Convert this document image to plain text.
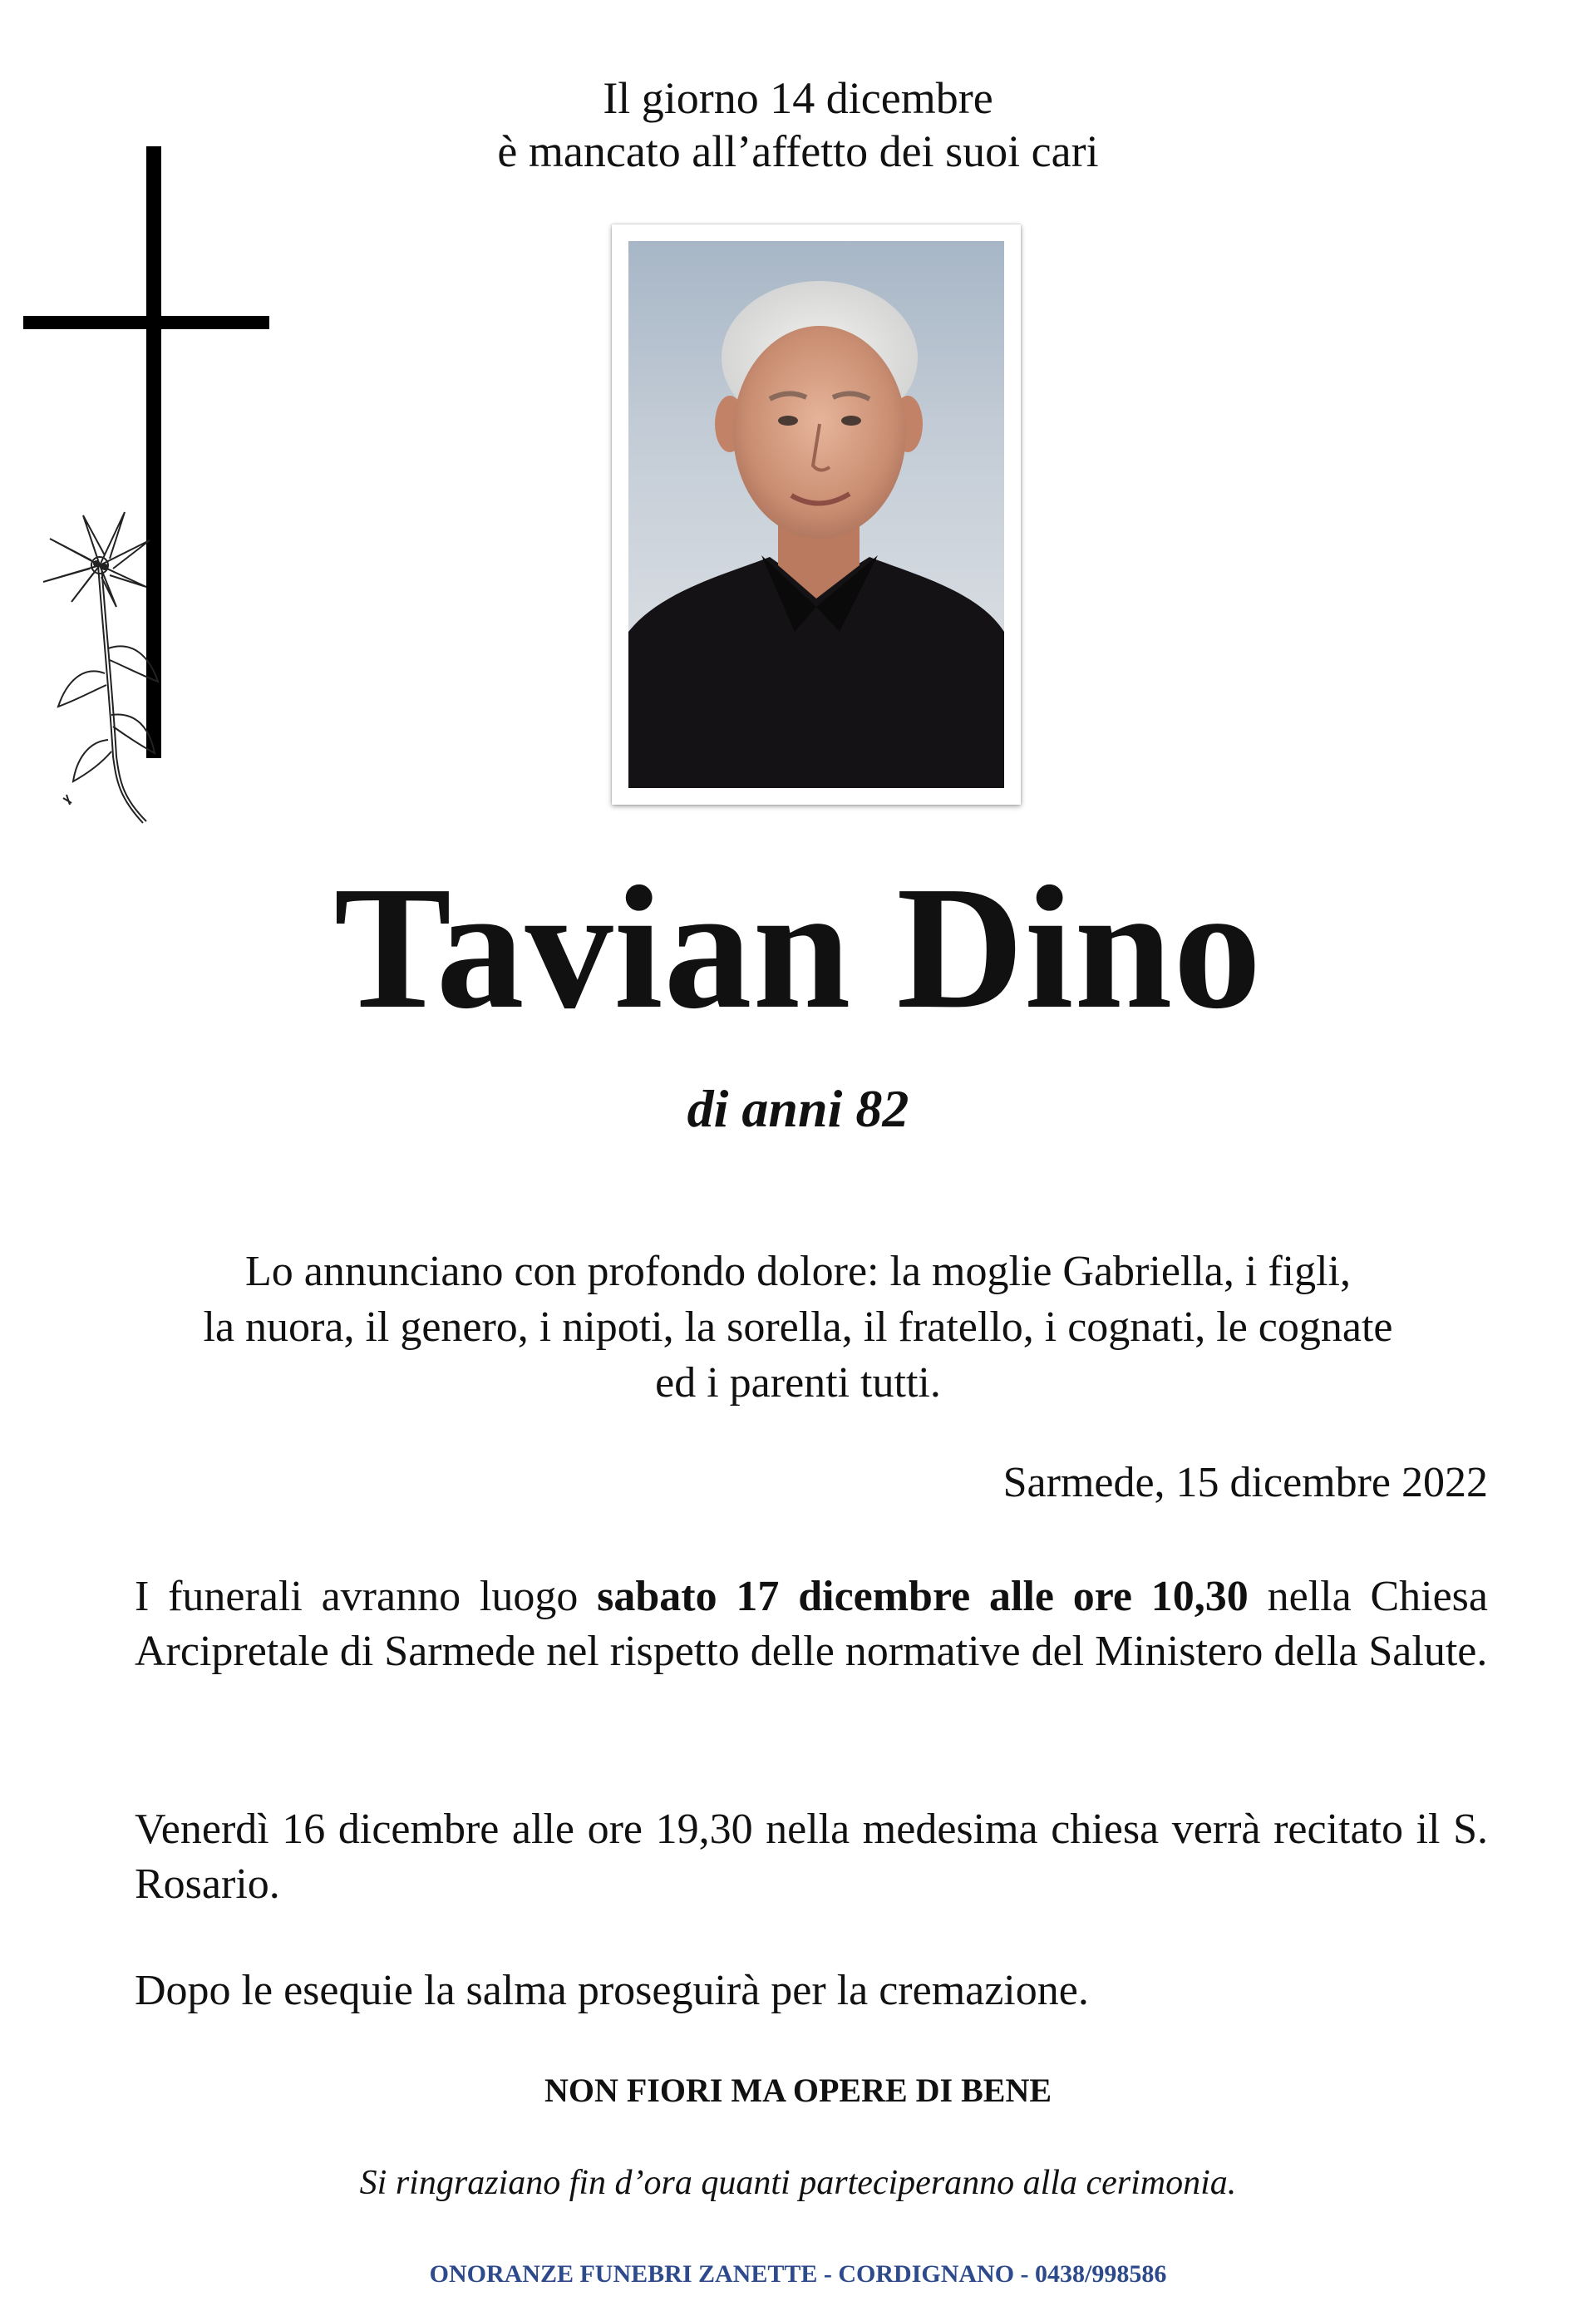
Il giorno 14 dicembre
è mancato all’affetto dei suoi cari
Tavian Dino
di anni 82
Lo annunciano con profondo dolore: la moglie Gabriella, i figli,
la nuora, il genero, i nipoti, la sorella, il fratello, i cognati, le cognate
ed i parenti tutti.
Sarmede, 15 dicembre 2022

I funerali avranno luogo sabato 17 dicembre alle ore 10,30 nella Chiesa Arcipretale di Sarmede nel rispetto delle normative del Ministero della Salute.

Venerdì 16 dicembre alle ore 19,30 nella medesima chiesa verrà recitato il S. Rosario.

Dopo le esequie la salma proseguirà per la cremazione.

NON FIORI MA OPERE DI BENE
Si ringraziano fin d’ora quanti parteciperanno alla cerimonia.
ONORANZE FUNEBRI ZANETTE - CORDIGNANO - 0438/998586
